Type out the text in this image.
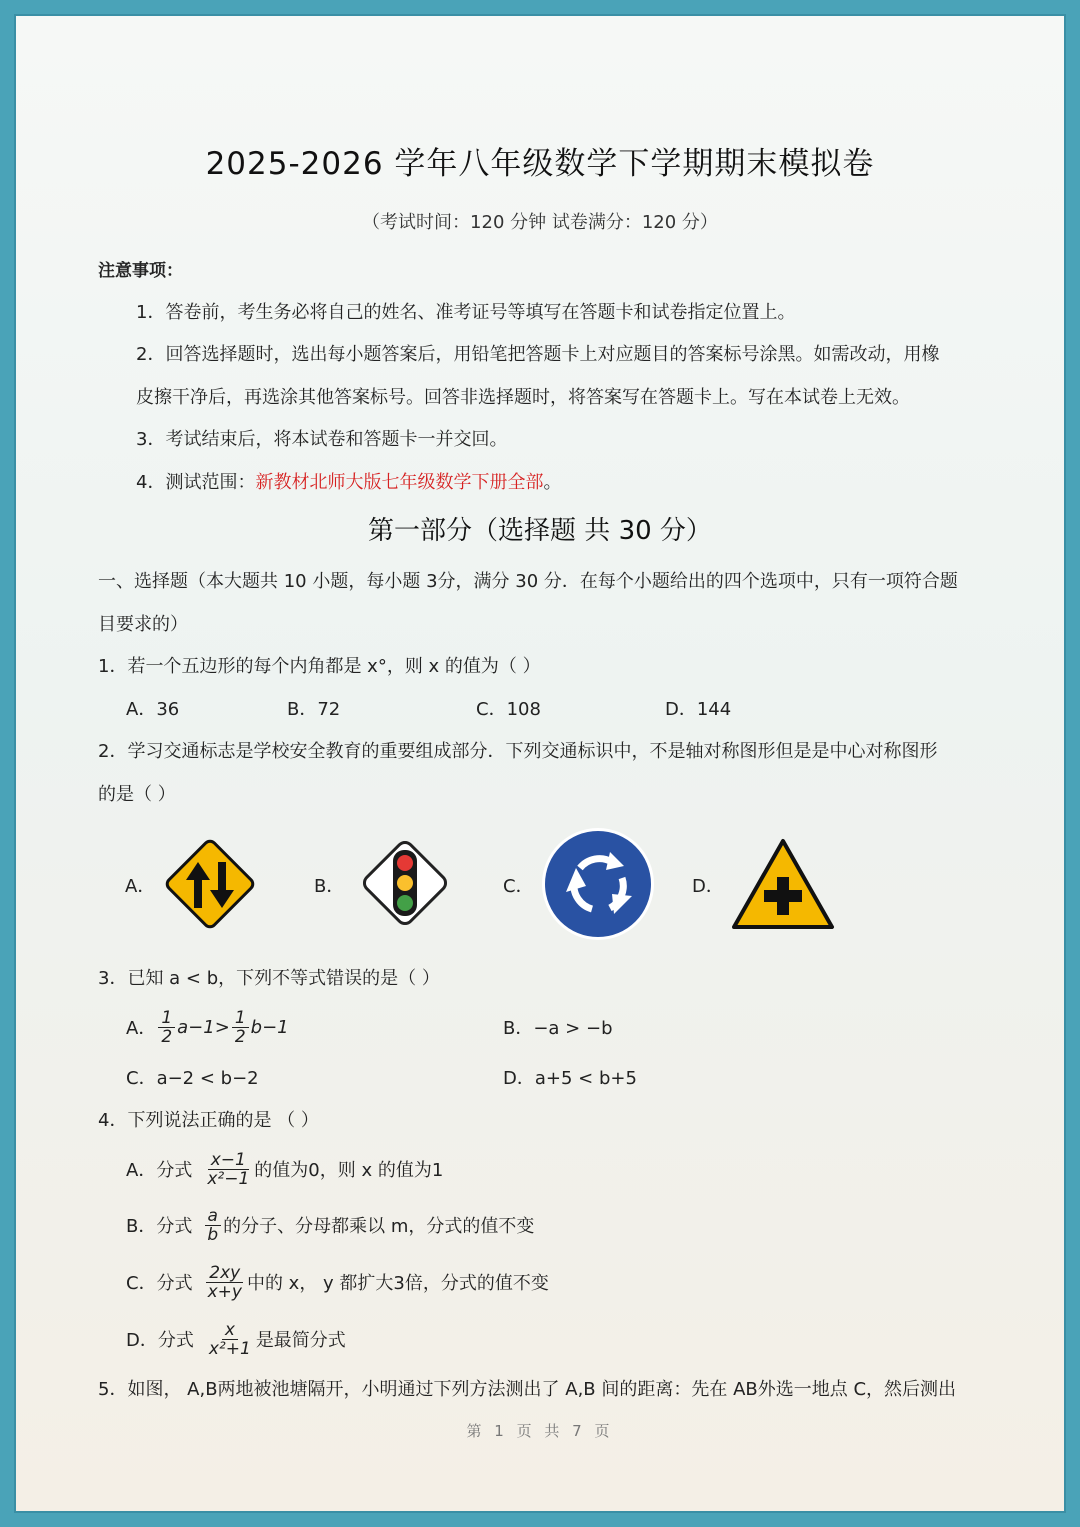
2025-2026 学年八年级数学下学期期末模拟卷
（考试时间：120 分钟 试卷满分：120 分）
注意事项：
1．答卷前，考生务必将自己的姓名、准考证号等填写在答题卡和试卷指定位置上。
2．回答选择题时，选出每小题答案后，用铅笔把答题卡上对应题目的答案标号涂黑。如需改动，用橡
皮擦干净后，再选涂其他答案标号。回答非选择题时，将答案写在答题卡上。写在本试卷上无效。
3．考试结束后，将本试卷和答题卡一并交回。
4．测试范围：新教材北师大版七年级数学下册全部。
第一部分（选择题 共 30 分）
一、选择题（本大题共 10 小题，每小题 3分，满分 30 分．在每个小题给出的四个选项中，只有一项符合题
目要求的）
1．若一个五边形的每个内角都是 x°，则 x 的值为（ ）
A．36	B．72	C．108	D．144
2．学习交通标志是学校安全教育的重要组成部分．下列交通标识中，不是轴对称图形但是是中心对称图形
的是（ ）
A．	B．	C．	D．
3．已知 a < b，下列不等式错误的是（ ）
A． $\frac{1}{2} a-1> \frac{1}{2} b-1$	B．−a > −b
C．a−2 < b−2	D．a+5 < b+5
4．下列说法正确的是 （ ）
A．分式 $\frac{x-1}{\text{x²−1}}$ 的值为0，则 x 的值为1
B．分式 $\frac{a}{b}$ 的分子、分母都乘以 m，分式的值不变
C．分式 $\frac{2xy}{x+y}$ 中的 x， y 都扩大3倍，分式的值不变
D．分式 $\frac{x}{\text{x²+1}}$ 是最简分式
5．如图， A,B两地被池塘隔开，小明通过下列方法测出了 A,B 间的距离：先在 AB外选一地点 C，然后测出
第 1 页 共 7 页
